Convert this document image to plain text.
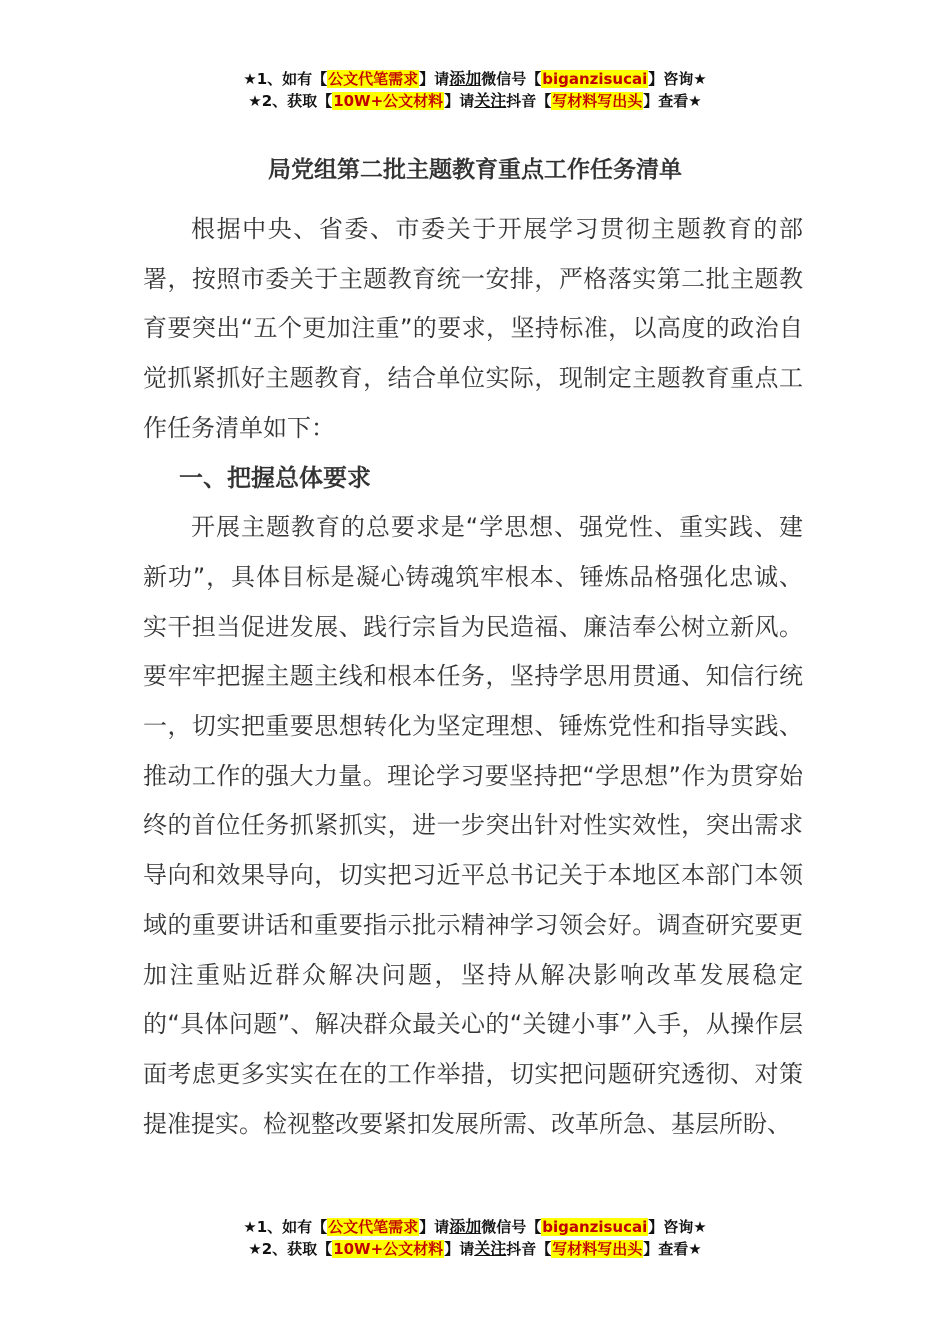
★1、如有【公文代笔需求】请添加微信号【biganzisucai】咨询★
★2、获取【10W+公文材料】请关注抖音【写材料写出头】查看★
局党组第二批主题教育重点工作任务清单

根据中央、省委、市委关于开展学习贯彻主题教育的部署，按照市委关于主题教育统一安排，严格落实第二批主题教育要突出“五个更加注重”的要求，坚持标准，以高度的政治自觉抓紧抓好主题教育，结合单位实际，现制定主题教育重点工作任务清单如下：

一、把握总体要求

开展主题教育的总要求是“学思想、强党性、重实践、建新功”，具体目标是凝心铸魂筑牢根本、锤炼品格强化忠诚、实干担当促进发展、践行宗旨为民造福、廉洁奉公树立新风。要牢牢把握主题主线和根本任务，坚持学思用贯通、知信行统一，切实把重要思想转化为坚定理想、锤炼党性和指导实践、推动工作的强大力量。理论学习要坚持把“学思想”作为贯穿始终的首位任务抓紧抓实，进一步突出针对性实效性，突出需求导向和效果导向，切实把习近平总书记关于本地区本部门本领域的重要讲话和重要指示批示精神学习领会好。调查研究要更加注重贴近群众解决问题，坚持从解决影响改革发展稳定的“具体问题”、解决群众最关心的“关键小事”入手，从操作层面考虑更多实实在在的工作举措，切实把问题研究透彻、对策提准提实。检视整改要紧扣发展所需、改革所急、基层所盼、

★1、如有【公文代笔需求】请添加微信号【biganzisucai】咨询★
★2、获取【10W+公文材料】请关注抖音【写材料写出头】查看★
